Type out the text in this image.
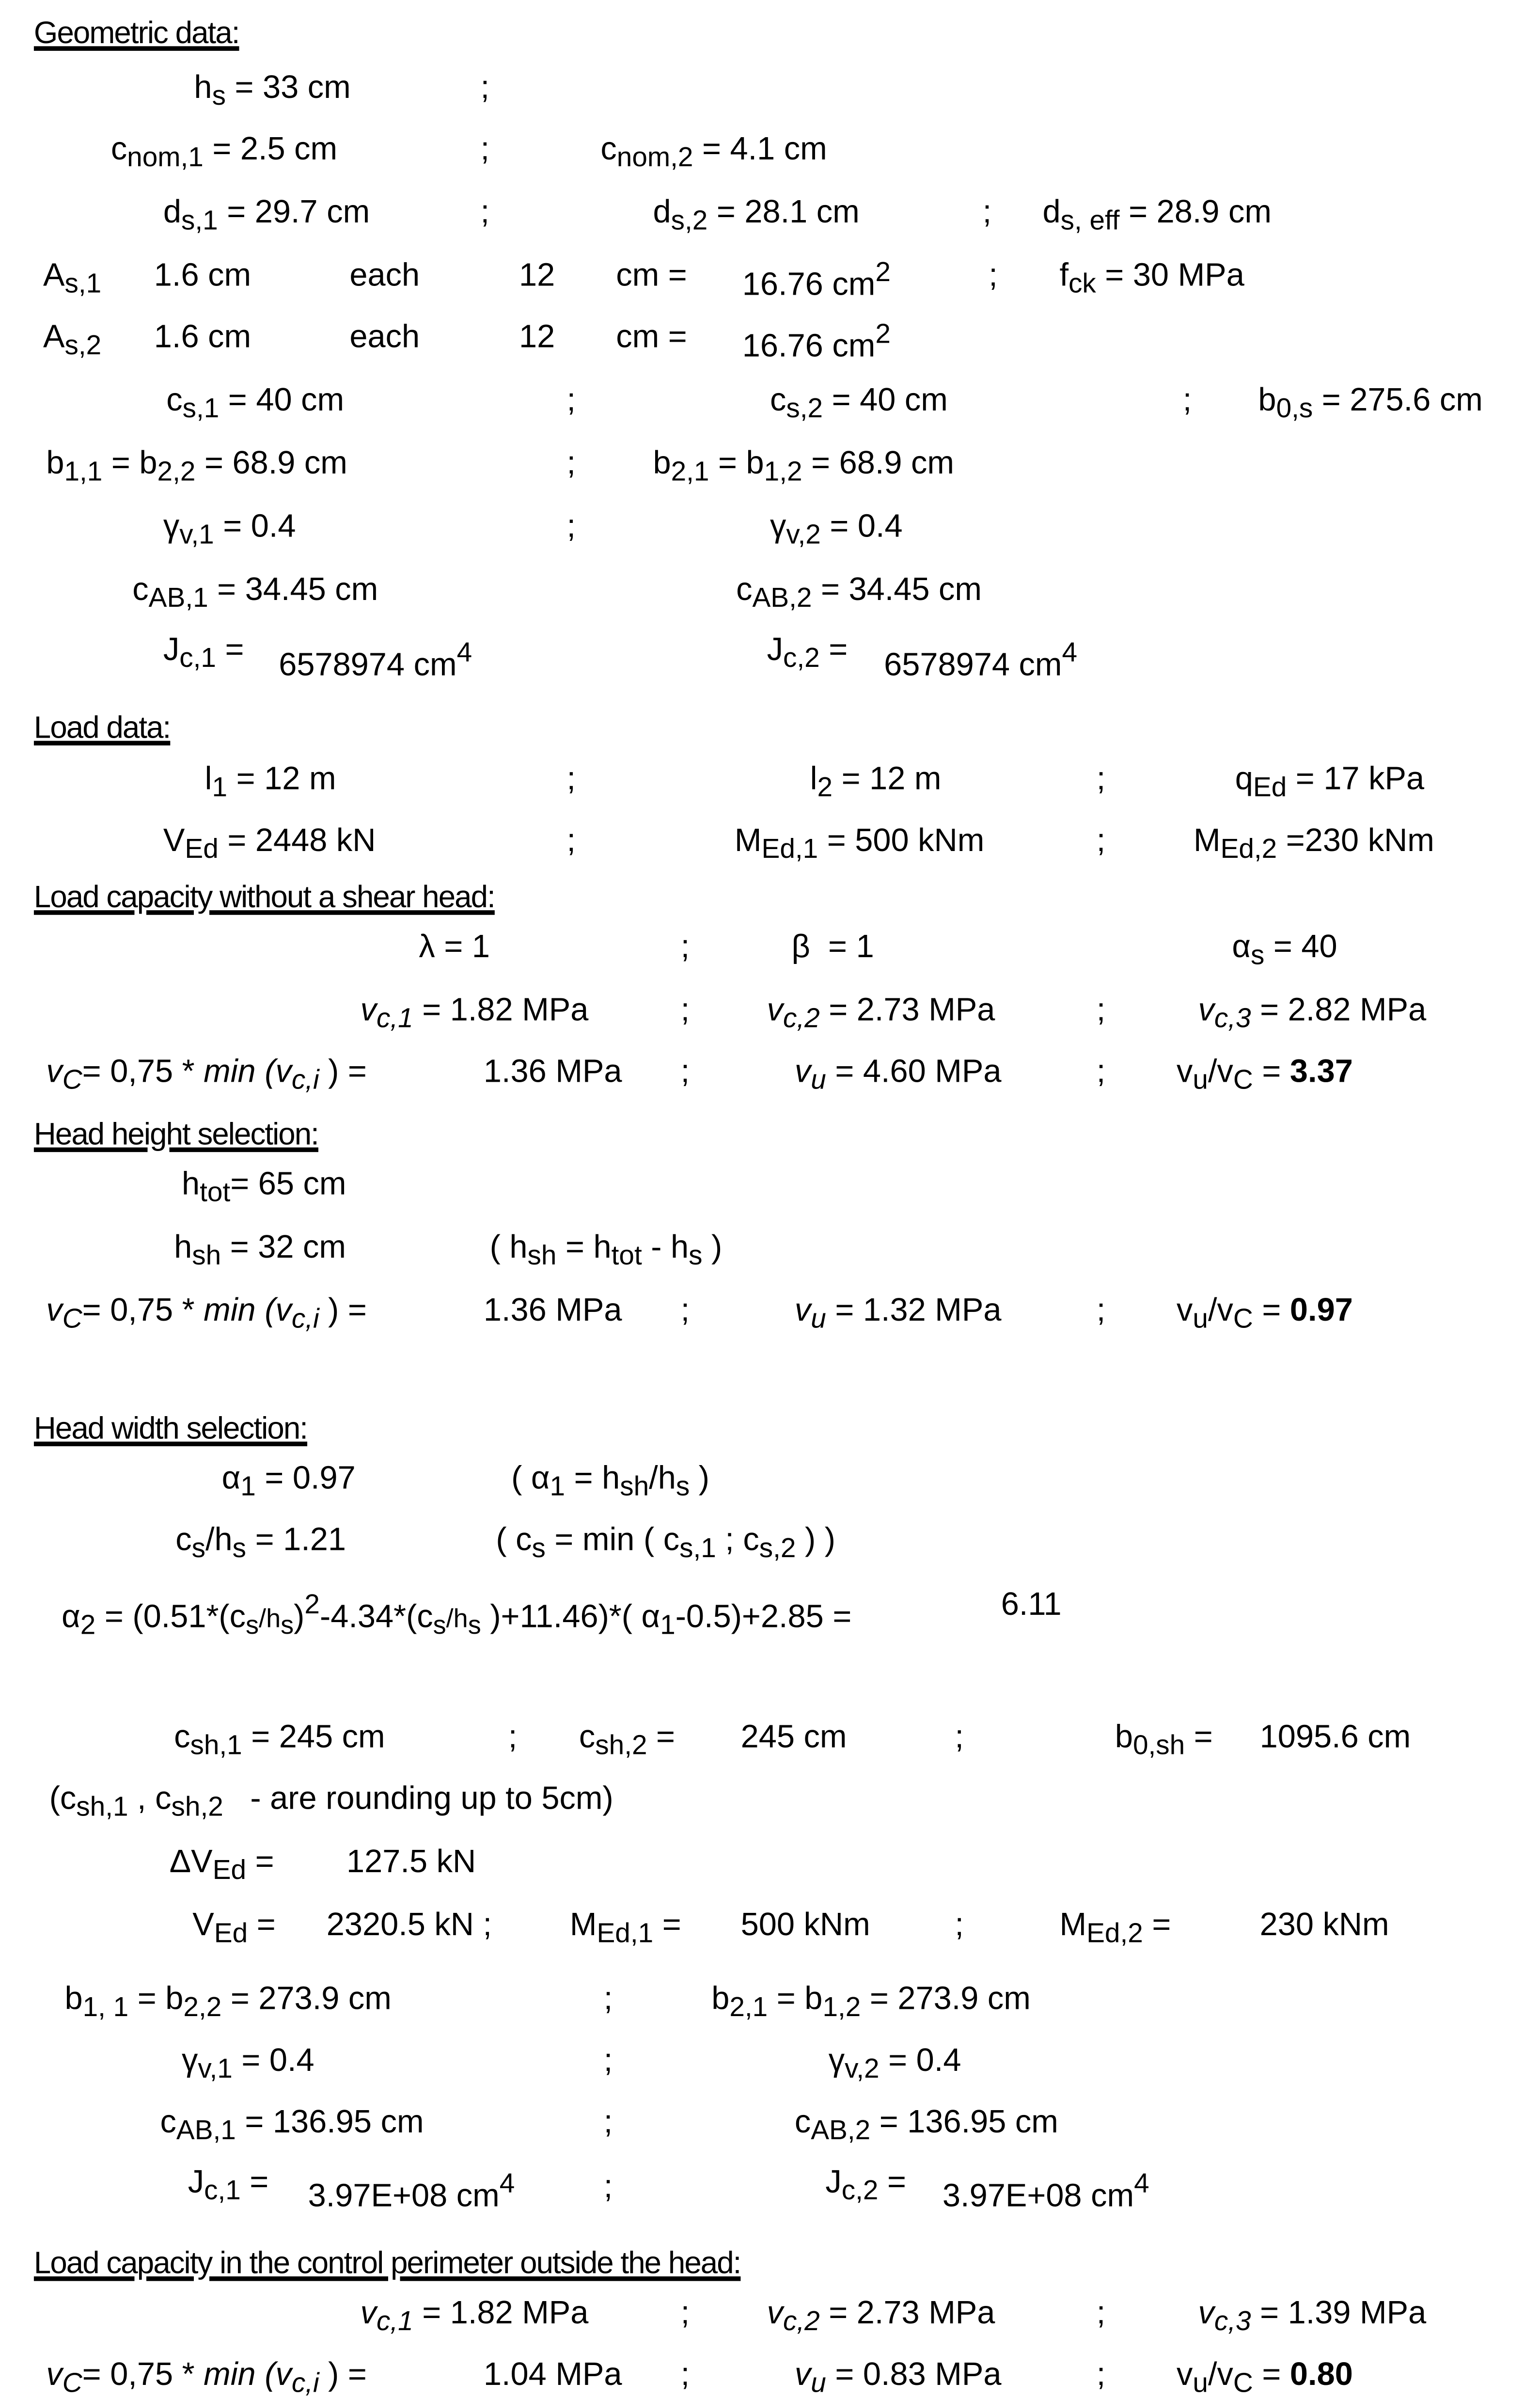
Geometric data:
$h_s = 33$ cm	;
$c_{nom,1} = 2.5$ cm	;	$c_{nom,2} = 4.1$ cm
$d_{s,1} = 29.7$ cm	;	$d_{s,2} = 28.1$ cm	;	$d_{s, eff} = 28.9$ cm
$A_{s,1}$	1.6 cm	each	12	cm =	16.76 $cm^2$	;	$f_{ck} = 30$ MPa
$A_{s,2}$	1.6 cm	each	12	cm =	16.76 $cm^2$
$c_{s,1} = 40$ cm	;	$c_{s,2} = 40$ cm	;	$b_{0,s} = 275.6$ cm
$b_{1,1} = b_{2,2} = 68.9$ cm	;	$b_{2,1} = b_{1,2} = 68.9$ cm
$\gamma_{v,1} = 0.4$	;	$\gamma_{v,2} = 0.4$
$c_{AB,1} = 34.45$ cm	$c_{AB,2} = 34.45$ cm
$J_{c,1}$ =	6578974 $cm^4$	$J_{c,2}$ =	6578974 $cm^4$
Load data:
$l_1 = 12$ m	;	$l_2 = 12$ m	;	$q_{Ed} = 17$ kPa
$V_{Ed} = 2448$ kN	;	$M_{Ed,1} = 500$ kNm	;	$M_{Ed,2} =230$ kNm
Load capacity without a shear head:
λ = 1	;	β  = 1	$\alpha_s = 40$
$v_{c,1} = 1.82$ MPa	;	$v_{c,2} = 2.73$ MPa	;	$v_{c,3} = 2.82$ MPa
$v_C= 0,75 * \min (v_{c,i}$ ) =	1.36 MPa	;	$v_u = 4.60$ MPa	;	$v_u/v_C = 3.37$
Head height selection:
$h_{tot}= 65$ cm
$h_{sh} = 32$ cm	( $h_{sh} = h_{tot} - h_s$ )
$v_C= 0,75 * \min (v_{c,i}$ ) =	1.36 MPa	;	$v_u = 1.32$ MPa	;	$v_u/v_C = 0.97$
Head width selection:
$\alpha_1 = 0.97$	( $\alpha_1 = h_{sh}/h_s$ )
$c_s/h_s = 1.21$	( $c_s = \min$ ( $c_{s,1}$ ; $c_{s,2}$ ) )
$\alpha_2 = (0.51*(c_s/h_s)^2-4.34*(c_s/h_s$ )+11.46)*( $\alpha_1-0.5)+2.85$ =	6.11
$c_{sh,1} = 245$ cm	;	$c_{sh,2}$ =	245 cm	;	$b_{0,sh}$ =	1095.6 cm
($c_{sh,1}$ , $c_{sh,2}$   - are rounding up to 5cm)
$\Delta V_{Ed}$ =	127.5 kN
$V_{Ed}$ =	2320.5 kN ;	$M_{Ed,1}$ =	500 kNm	;	$M_{Ed,2}$ =	230 kNm
$b_{1, 1} = b_{2,2} = 273.9$ cm	;	$b_{2,1} = b_{1,2} = 273.9$ cm
$\gamma_{v,1} = 0.4$	;	$\gamma_{v,2} = 0.4$
$c_{AB,1} = 136.95$ cm	;	$c_{AB,2} = 136.95$ cm
$J_{c,1}$ =	3.97E+08 $cm^4$	;	$J_{c,2}$ =	3.97E+08 $cm^4$
Load capacity in the control perimeter outside the head:
$v_{c,1} = 1.82$ MPa	;	$v_{c,2} = 2.73$ MPa	;	$v_{c,3} = 1.39$ MPa
$v_C= 0,75 * \min (v_{c,i}$ ) =	1.04 MPa	;	$v_u = 0.83$ MPa	;	$v_u/v_C = 0.80$
